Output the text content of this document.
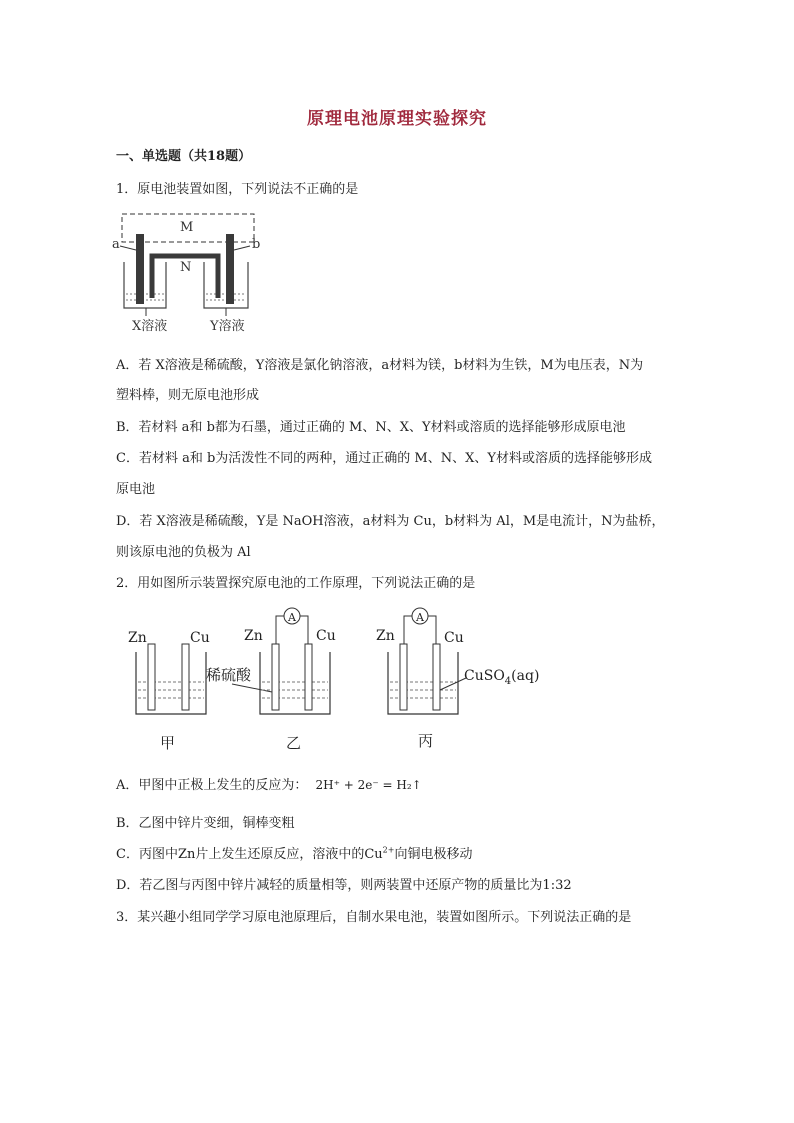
原理电池原理实验探究
一、单选题（共18题）
1．原电池装置如图，下列说法不正确的是
M
N
a	b
X溶液	Y溶液
A．若 X溶液是稀硫酸，Y溶液是氯化钠溶液，a材料为镁，b材料为生铁，M为电压表，N为
塑料棒，则无原电池形成
B．若材料 a和 b都为石墨，通过正确的 M、N、X、Y材料或溶质的选择能够形成原电池
C．若材料 a和 b为活泼性不同的两种，通过正确的 M、N、X、Y材料或溶质的选择能够形成
原电池
D．若 X溶液是稀硫酸，Y是 NaOH溶液，a材料为 Cu，b材料为 Al，M是电流计，N为盐桥，
则该原电池的负极为 Al
2．用如图所示装置探究原电池的工作原理，下列说法正确的是
Zn	Cu
甲
稀硫酸
Zn	Cu
A
乙
Zn	Cu
A
CuSO$_4$(aq)
丙
A．甲图中正极上发生的反应为： 2H⁺ + 2e⁻ = H₂↑
B．乙图中锌片变细，铜棒变粗
C．丙图中Zn片上发生还原反应，溶液中的$Cu^{2+}$向铜电极移动
D．若乙图与丙图中锌片减轻的质量相等，则两装置中还原产物的质量比为1:32
3．某兴趣小组同学学习原电池原理后，自制水果电池，装置如图所示。下列说法正确的是
